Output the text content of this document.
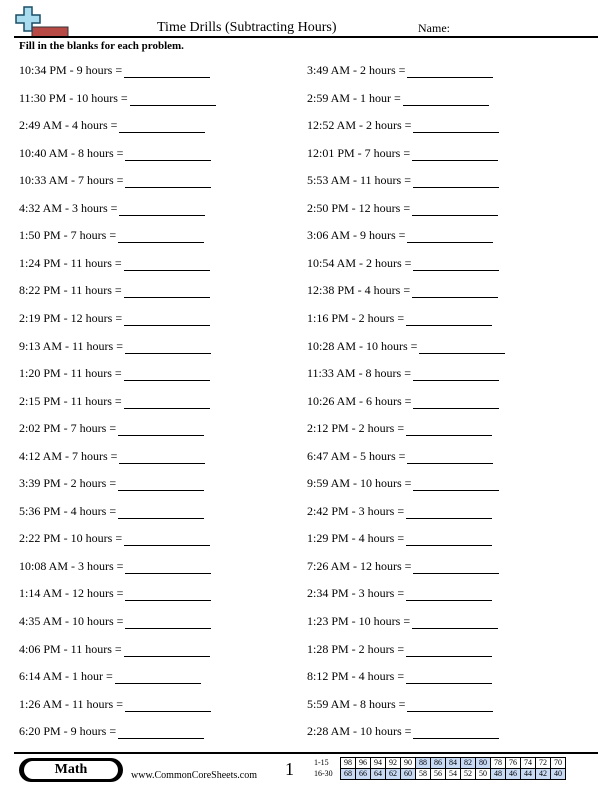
Time Drills (Subtracting Hours)	Name:
Fill in the blanks for each problem.
10:34 PM - 9 hours =
11:30 PM - 10 hours =
2:49 AM - 4 hours =
10:40 AM - 8 hours =
10:33 AM - 7 hours =
4:32 AM - 3 hours =
1:50 PM - 7 hours =
1:24 PM - 11 hours =
8:22 PM - 11 hours =
2:19 PM - 12 hours =
9:13 AM - 11 hours =
1:20 PM - 11 hours =
2:15 PM - 11 hours =
2:02 PM - 7 hours =
4:12 AM - 7 hours =
3:39 PM - 2 hours =
5:36 PM - 4 hours =
2:22 PM - 10 hours =
10:08 AM - 3 hours =
1:14 AM - 12 hours =
4:35 AM - 10 hours =
4:06 PM - 11 hours =
6:14 AM - 1 hour =
1:26 AM - 11 hours =
6:20 PM - 9 hours =
3:49 AM - 2 hours =
2:59 AM - 1 hour =
12:52 AM - 2 hours =
12:01 PM - 7 hours =
5:53 AM - 11 hours =
2:50 PM - 12 hours =
3:06 AM - 9 hours =
10:54 AM - 2 hours =
12:38 PM - 4 hours =
1:16 PM - 2 hours =
10:28 AM - 10 hours =
11:33 AM - 8 hours =
10:26 AM - 6 hours =
2:12 PM - 2 hours =
6:47 AM - 5 hours =
9:59 AM - 10 hours =
2:42 PM - 3 hours =
1:29 PM - 4 hours =
7:26 AM - 12 hours =
2:34 PM - 3 hours =
1:23 PM - 10 hours =
1:28 PM - 2 hours =
8:12 PM - 4 hours =
5:59 AM - 8 hours =
2:28 AM - 10 hours =
Math	www.CommonCoreSheets.com 1	1-15	98	96	94	92	90	88	86	84	82	80	78	76	74	72	70
16-30	68	66	64	62	60	58	56	54	52	50	48	46	44	42	40
